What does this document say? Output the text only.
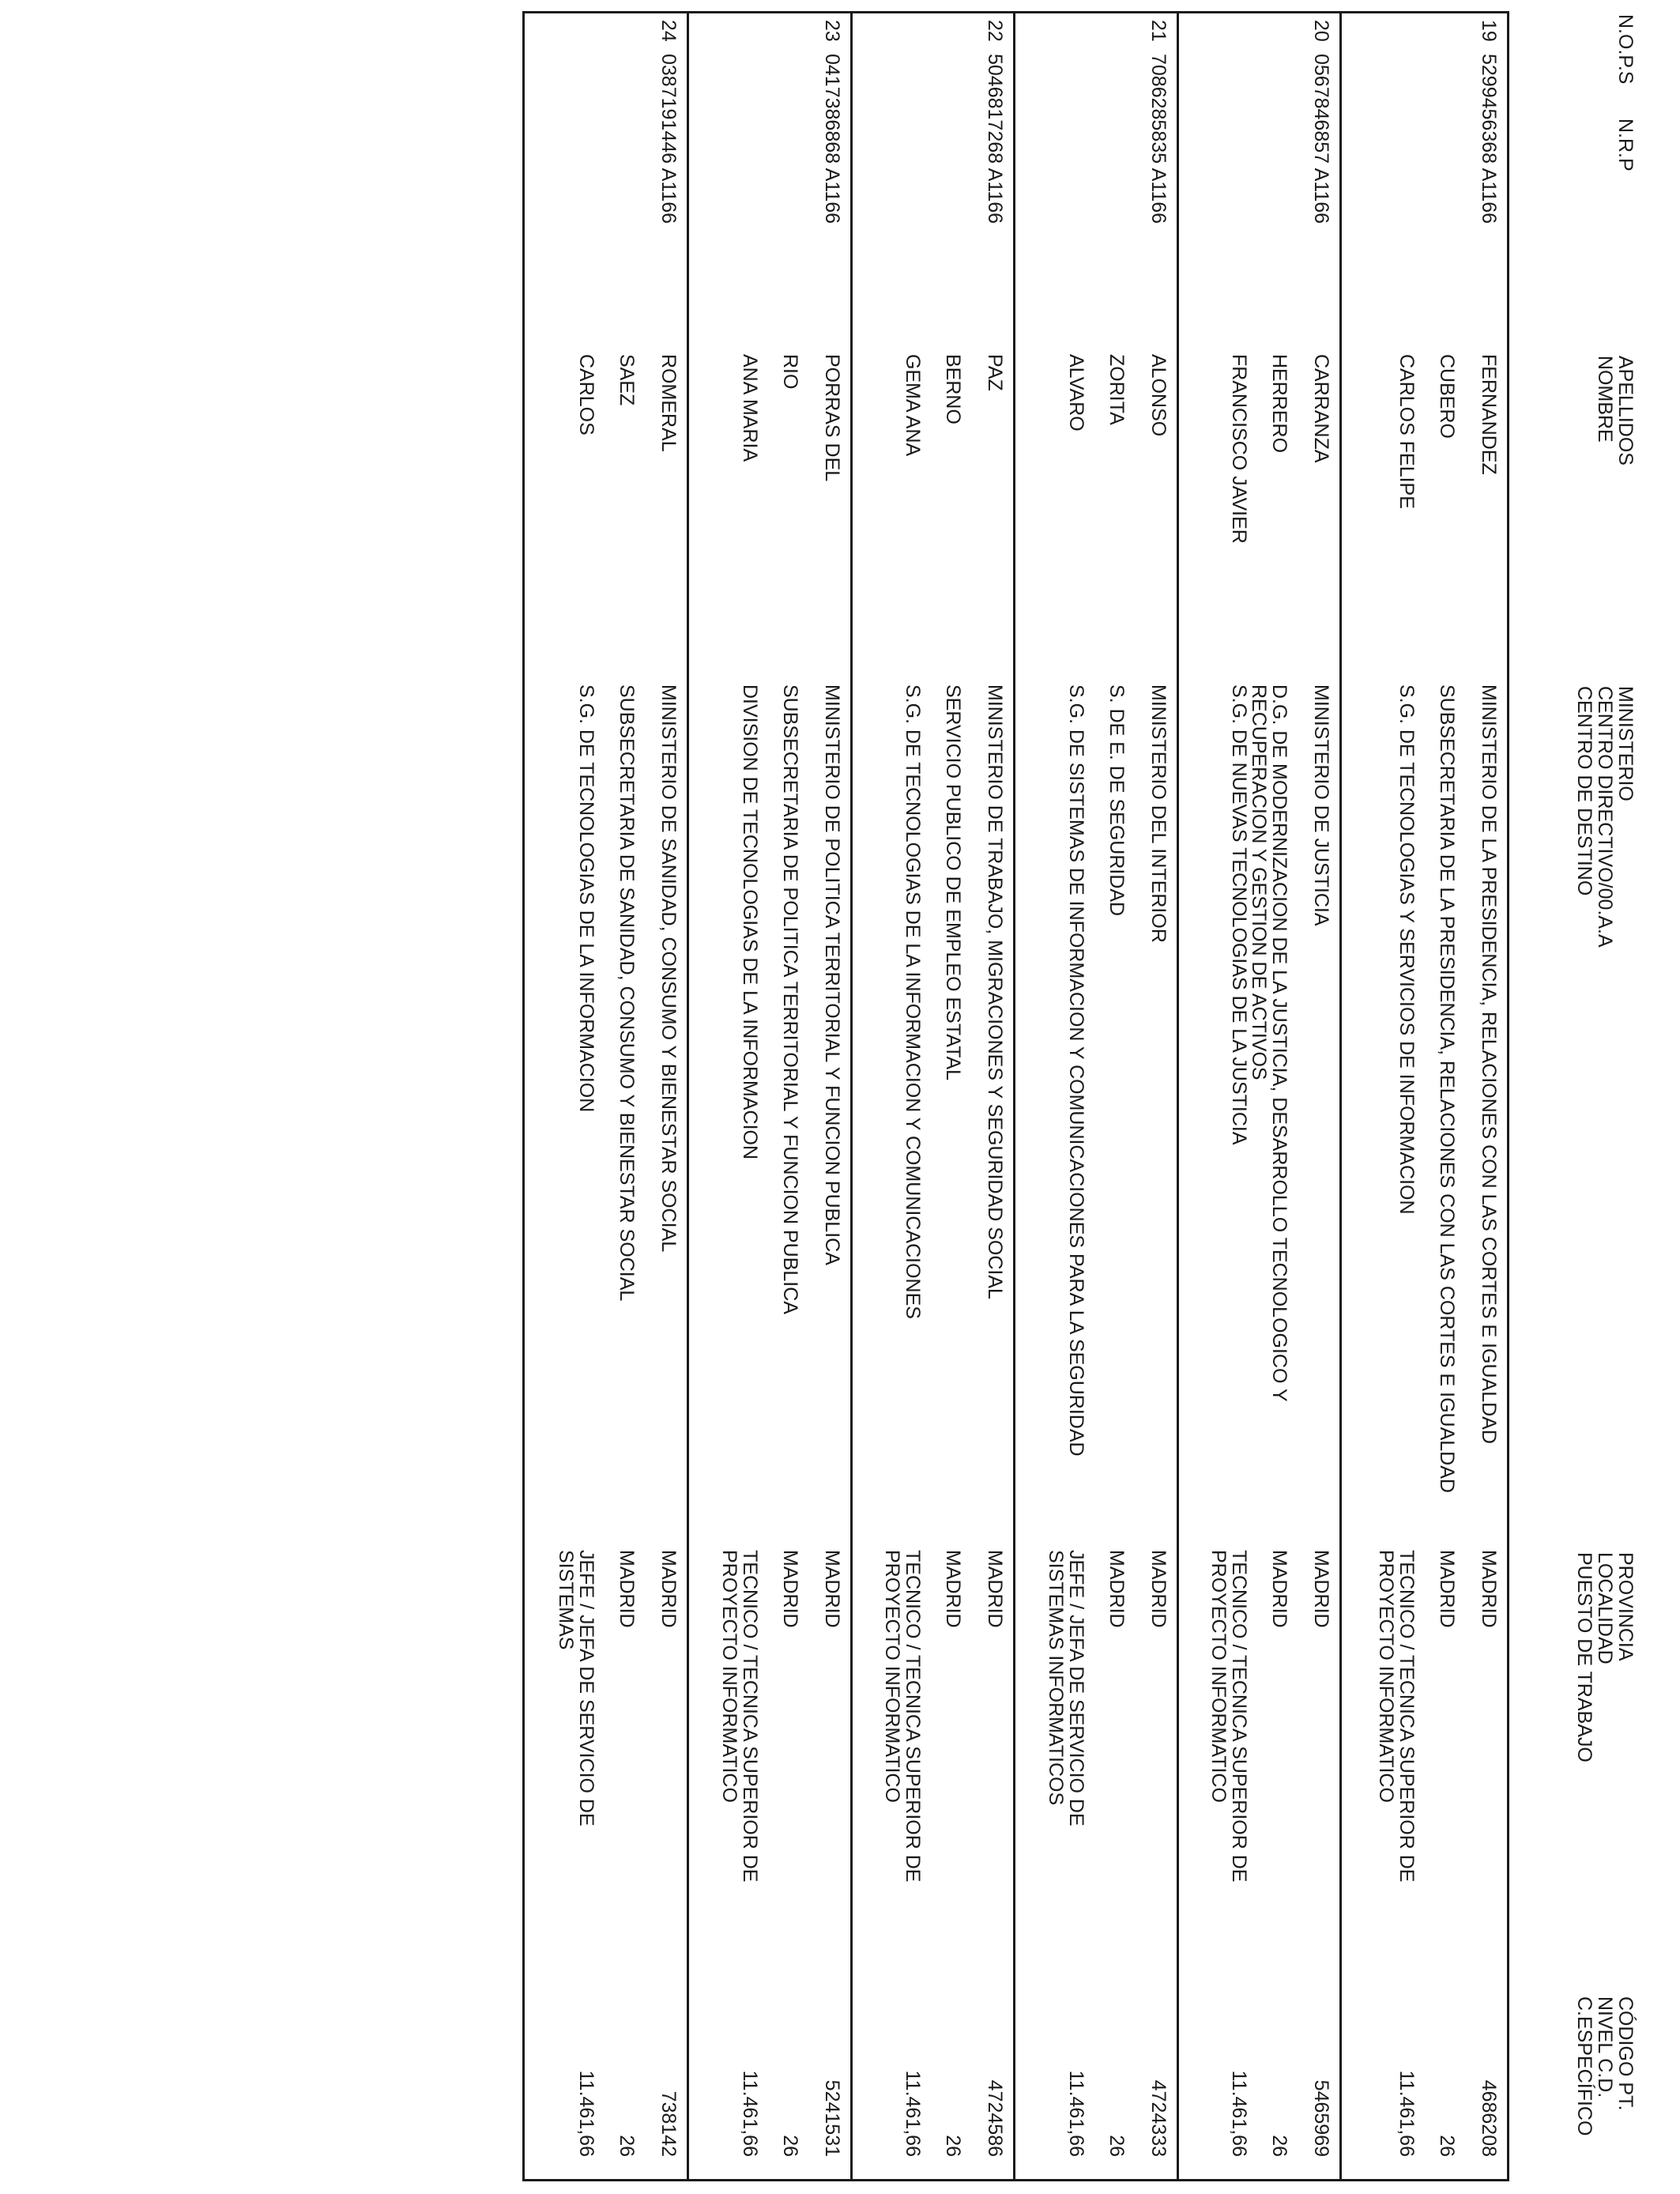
N.O.P.S
N.R.P
APELLIDOS
NOMBRE
MINISTERIO
CENTRO DIRECTIVO/00.A.A
CENTRO DE DESTINO
PROVINCIA
LOCALIDAD
PUESTO DE TRABAJO
CÓDIGO PT.
NIVEL C.D.
C.ESPECÍFICO
19
5299456368 A1166
FERNANDEZ
CUBERO
CARLOS FELIPE
MINISTERIO DE LA PRESIDENCIA, RELACIONES CON LAS CORTES E IGUALDAD
SUBSECRETARIA DE LA PRESIDENCIA, RELACIONES CON LAS CORTES E IGUALDAD
S.G. DE TECNOLOGIAS Y SERVICIOS DE INFORMACION
MADRID
MADRID
TECNICO / TECNICA SUPERIOR DE PROYECTO INFORMATICO
4686208
26
11.461,66
20
0567846857 A1166
CARRANZA
HERRERO
FRANCISCO JAVIER
MINISTERIO DE JUSTICIA
D.G. DE MODERNIZACION DE LA JUSTICIA, DESARROLLO TECNOLOGICO Y RECUPERACION Y GESTION DE ACTIVOS
S.G. DE NUEVAS TECNOLOGIAS DE LA JUSTICIA
MADRID
MADRID
TECNICO / TECNICA SUPERIOR DE PROYECTO INFORMATICO
5465969
26
11.461,66
21
7086285835 A1166
ALONSO
ZORITA
ALVARO
MINISTERIO DEL INTERIOR
S. DE E. DE SEGURIDAD
S.G. DE SISTEMAS DE INFORMACION Y COMUNICACIONES PARA LA SEGURIDAD
MADRID
MADRID
JEFE / JEFA DE SERVICIO DE SISTEMAS INFORMATICOS
4724333
26
11.461,66
22
5046817268 A1166
PAZ
BERNO
GEMA ANA
MINISTERIO DE TRABAJO, MIGRACIONES Y SEGURIDAD SOCIAL
SERVICIO PUBLICO DE EMPLEO ESTATAL
S.G. DE TECNOLOGIAS DE LA INFORMACION Y COMUNICACIONES
MADRID
MADRID
TECNICO / TECNICA SUPERIOR DE PROYECTO INFORMATICO
4724586
26
11.461,66
23
0417386868 A1166
PORRAS DEL
RIO
ANA MARIA
MINISTERIO DE POLITICA TERRITORIAL Y FUNCION PUBLICA
SUBSECRETARIA DE POLITICA TERRITORIAL Y FUNCION PUBLICA
DIVISION DE TECNOLOGIAS DE LA INFORMACION
MADRID
MADRID
TECNICO / TECNICA SUPERIOR DE PROYECTO INFORMATICO
5241531
26
11.461,66
24
0387191446 A1166
ROMERAL
SAEZ
CARLOS
MINISTERIO DE SANIDAD, CONSUMO Y BIENESTAR SOCIAL
SUBSECRETARIA DE SANIDAD, CONSUMO Y BIENESTAR SOCIAL
S.G. DE TECNOLOGIAS DE LA INFORMACION
MADRID
MADRID
JEFE / JEFA DE SERVICIO DE SISTEMAS
738142
26
11.461,66
